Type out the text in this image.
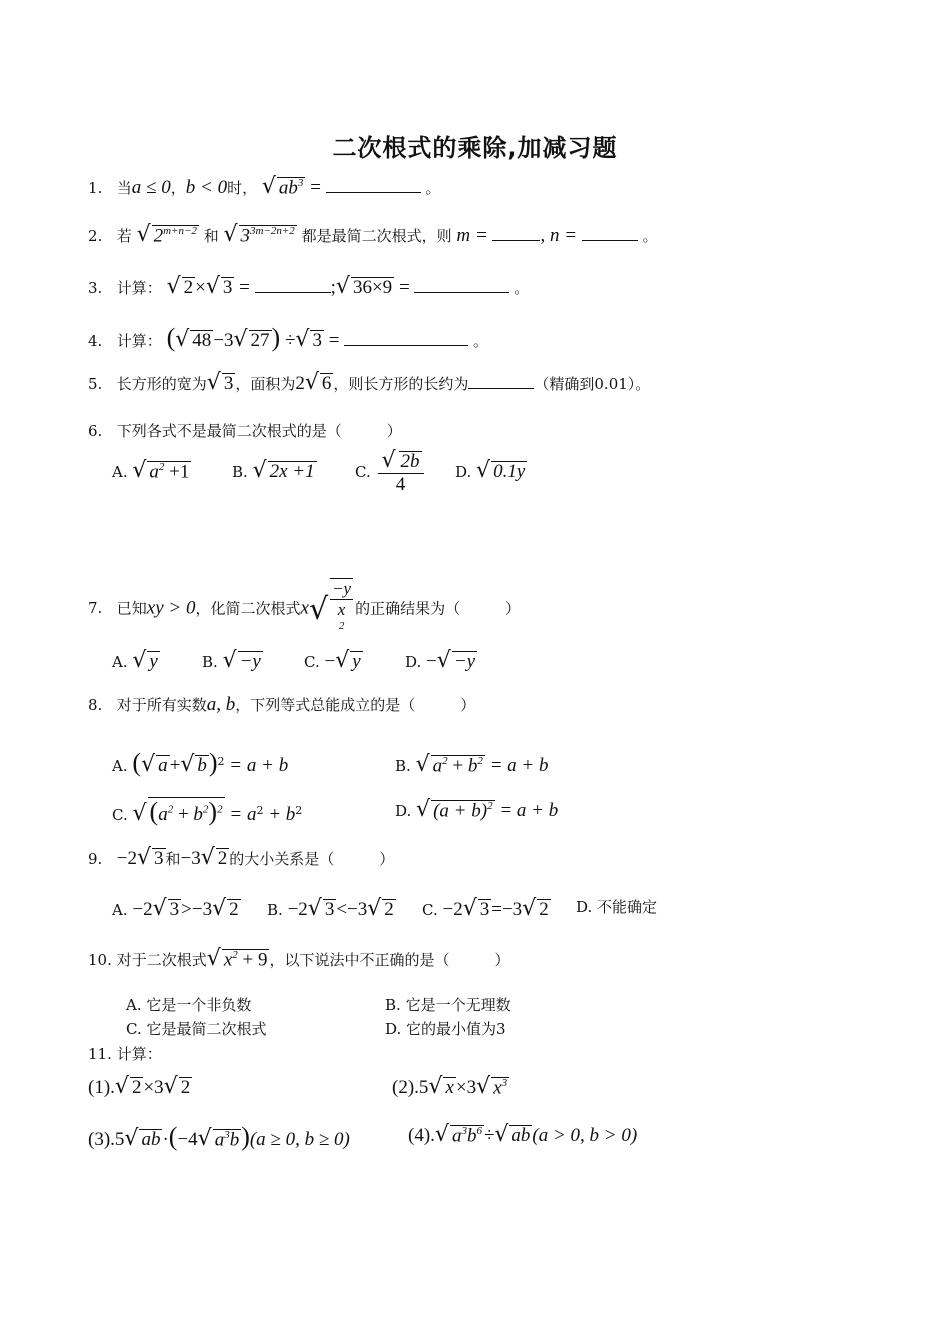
二次根式的乘除,加减习题
1. 当a ≤ 0，b < 0时， √ $ab^3$ =	。
2. 若 √ $2^{m+n-2}$ 和 √ $3^{3m-2n+2}$ 都是最简二次根式，则 m =	, n =	。
3. 计算： √ 2 ×√ 3 =	;√ 36×9 =	。
4. 计算： (√ 48 −3√ 27) ÷√ 3 =	。
5. 长方形的宽为√ 3 ，面积为2√ 6 ，则长方形的长约为	（精确到0.01）。
6. 下列各式不是最简二次根式的是（　　　）
A. √ $a^2 +1$	B. √ 2x +1	C. $\frac{√ 2b}{4} D$. √ 0.1y
7. 已知xy > 0，化简二次根式x√ −y
x
$^2$ 的正确结果为（　　　）
A. √ y	B. √ −y	C. −√ y	D. −√ −y
8. 对于所有实数a, b，下列等式总能成立的是（　　　）
A. (√ a +√ b)$^2$ = a + b	B. √ $a^2 + b^2 = a + b$
C. √ $(a^2 + b^2)^2 = a^2 + b^2$	D. √ $(a + b)^2 = a + b$
9. −2√ 3 和−3√ 2 的大小关系是（　　　）
A. −2√ 3 >−3√ 2 B. −2√ 3 <−3√ 2 C. −2√ 3 =−3√ 2 D. 不能确定
10. 对于二次根式√ $x^2 + 9$ ，以下说法中不正确的是（　　　）
A. 它是一个非负数	B. 它是一个无理数
C. 它是最简二次根式	D. 它的最小值为3
11. 计算：
(1).√ 2 ×3√ 2	(2).5√ x ×3√ $x^3$
(3).5√ ab ·(−4√ $a^3b)(a \ge 0$, b ≥ 0)	(4).√ $a^3b^6$ ÷√ ab (a > 0, b > 0)
